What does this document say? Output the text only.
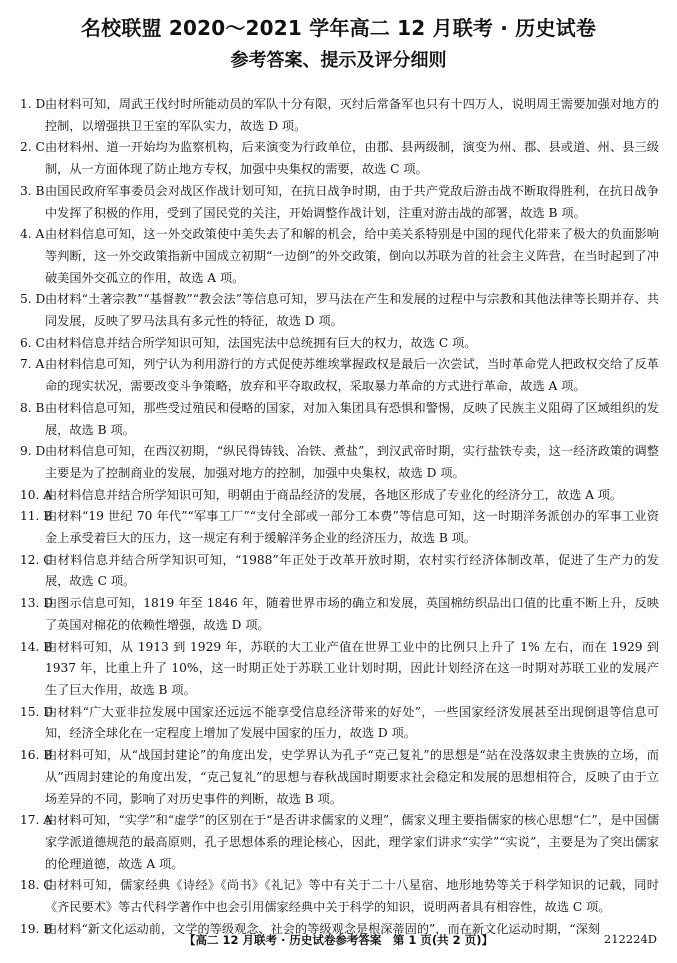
名校联盟 2020～2021 学年高二 12 月联考 · 历史试卷
参考答案、提示及评分细则
1. D 由材料可知，周武王伐纣时所能动员的军队十分有限，灭纣后常备军也只有十四万人，说明周王需要加强对地方的控制，以增强拱卫王室的军队实力，故选 D 项。
2. C 由材料州、道一开始均为监察机构，后来演变为行政单位，由郡、县两级制，演变为州、郡、县或道、州、县三级制，从一方面体现了防止地方专权，加强中央集权的需要，故选 C 项。
3. B 由国民政府军事委员会对战区作战计划可知，在抗日战争时期，由于共产党敌后游击战不断取得胜利，在抗日战争中发挥了积极的作用，受到了国民党的关注，开始调整作战计划，注重对游击战的部署，故选 B 项。
4. A 由材料信息可知，这一外交政策使中美失去了和解的机会，给中美关系特别是中国的现代化带来了极大的负面影响等判断，这一外交政策指新中国成立初期“一边倒”的外交政策，倒向以苏联为首的社会主义阵营，在当时起到了冲破美国外交孤立的作用，故选 A 项。
5. D 由材料“土著宗教”“基督教”“教会法”等信息可知，罗马法在产生和发展的过程中与宗教和其他法律等长期并存、共同发展，反映了罗马法具有多元性的特征，故选 D 项。
6. C 由材料信息并结合所学知识可知，法国宪法中总统拥有巨大的权力，故选 C 项。
7. A 由材料信息可知，列宁认为利用游行的方式促使苏维埃掌握政权是最后一次尝试，当时革命党人把政权交给了反革命的现实状况，需要改变斗争策略，放弃和平夺取政权，采取暴力革命的方式进行革命，故选 A 项。
8. B 由材料信息可知，那些受过殖民和侵略的国家，对加入集团具有恐惧和警惕，反映了民族主义阻碍了区域组织的发展，故选 B 项。
9. D 由材料信息可知，在西汉初期，“纵民得铸钱、冶铁、煮盐”，到汉武帝时期，实行盐铁专卖，这一经济政策的调整主要是为了控制商业的发展，加强对地方的控制，加强中央集权，故选 D 项。
10. A
由材料信息并结合所学知识可知，明朝由于商品经济的发展，各地区形成了专业化的经济分工，故选 A 项。
11. B
由材料“19 世纪 70 年代”“军事工厂”“支付全部或一部分工本费”等信息可知，这一时期洋务派创办的军事工业资金上承受着巨大的压力，这一规定有利于缓解洋务企业的经济压力，故选 B 项。
12. C
由材料信息并结合所学知识可知，“1988”年正处于改革开放时期，农村实行经济体制改革，促进了生产力的发展，故选 C 项。
13. D
由图示信息可知，1819 年至 1846 年，随着世界市场的确立和发展，英国棉纺织品出口值的比重不断上升，反映了英国对棉花的依赖性增强，故选 D 项。
14. B
由材料可知，从 1913 到 1929 年，苏联的大工业产值在世界工业中的比例只上升了 1% 左右，而在 1929 到 1937 年，比重上升了 10%，这一时期正处于苏联工业计划时期，因此计划经济在这一时期对苏联工业的发展产生了巨大作用，故选 B 项。
15. D
由材料“广大亚非拉发展中国家还远远不能享受信息经济带来的好处”，一些国家经济发展甚至出现倒退等信息可知，经济全球化在一定程度上增加了发展中国家的压力，故选 D 项。
16. B
由材料可知，从“战国封建论”的角度出发，史学界认为孔子“克己复礼”的思想是“站在没落奴隶主贵族的立场，而从”西周封建论的角度出发，“克己复礼”的思想与春秋战国时期要求社会稳定和发展的思想相符合，反映了由于立场差异的不同，影响了对历史事件的判断，故选 B 项。
17. A
由材料可知，“实学”和“虚学”的区别在于“是否讲求儒家的义理”，儒家义理主要指儒家的核心思想“仁”，是中国儒家学派道德规范的最高原则，孔子思想体系的理论核心，因此，理学家们讲求“实学”“实说”，主要是为了突出儒家的伦理道德，故选 A 项。
18. C
由材料可知，儒家经典《诗经》《尚书》《礼记》等中有关于二十八星宿、地形地势等关于科学知识的记载，同时《齐民要术》等古代科学著作中也会引用儒家经典中关于科学的知识，说明两者具有相容性，故选 C 项。
19. B
由材料“新文化运动前，文学的等级观念、社会的等级观念是根深蒂固的”，而在新文化运动时期，“深刻
【高二 12 月联考 · 历史试卷参考答案　第 1 页(共 2 页)】	212224D
